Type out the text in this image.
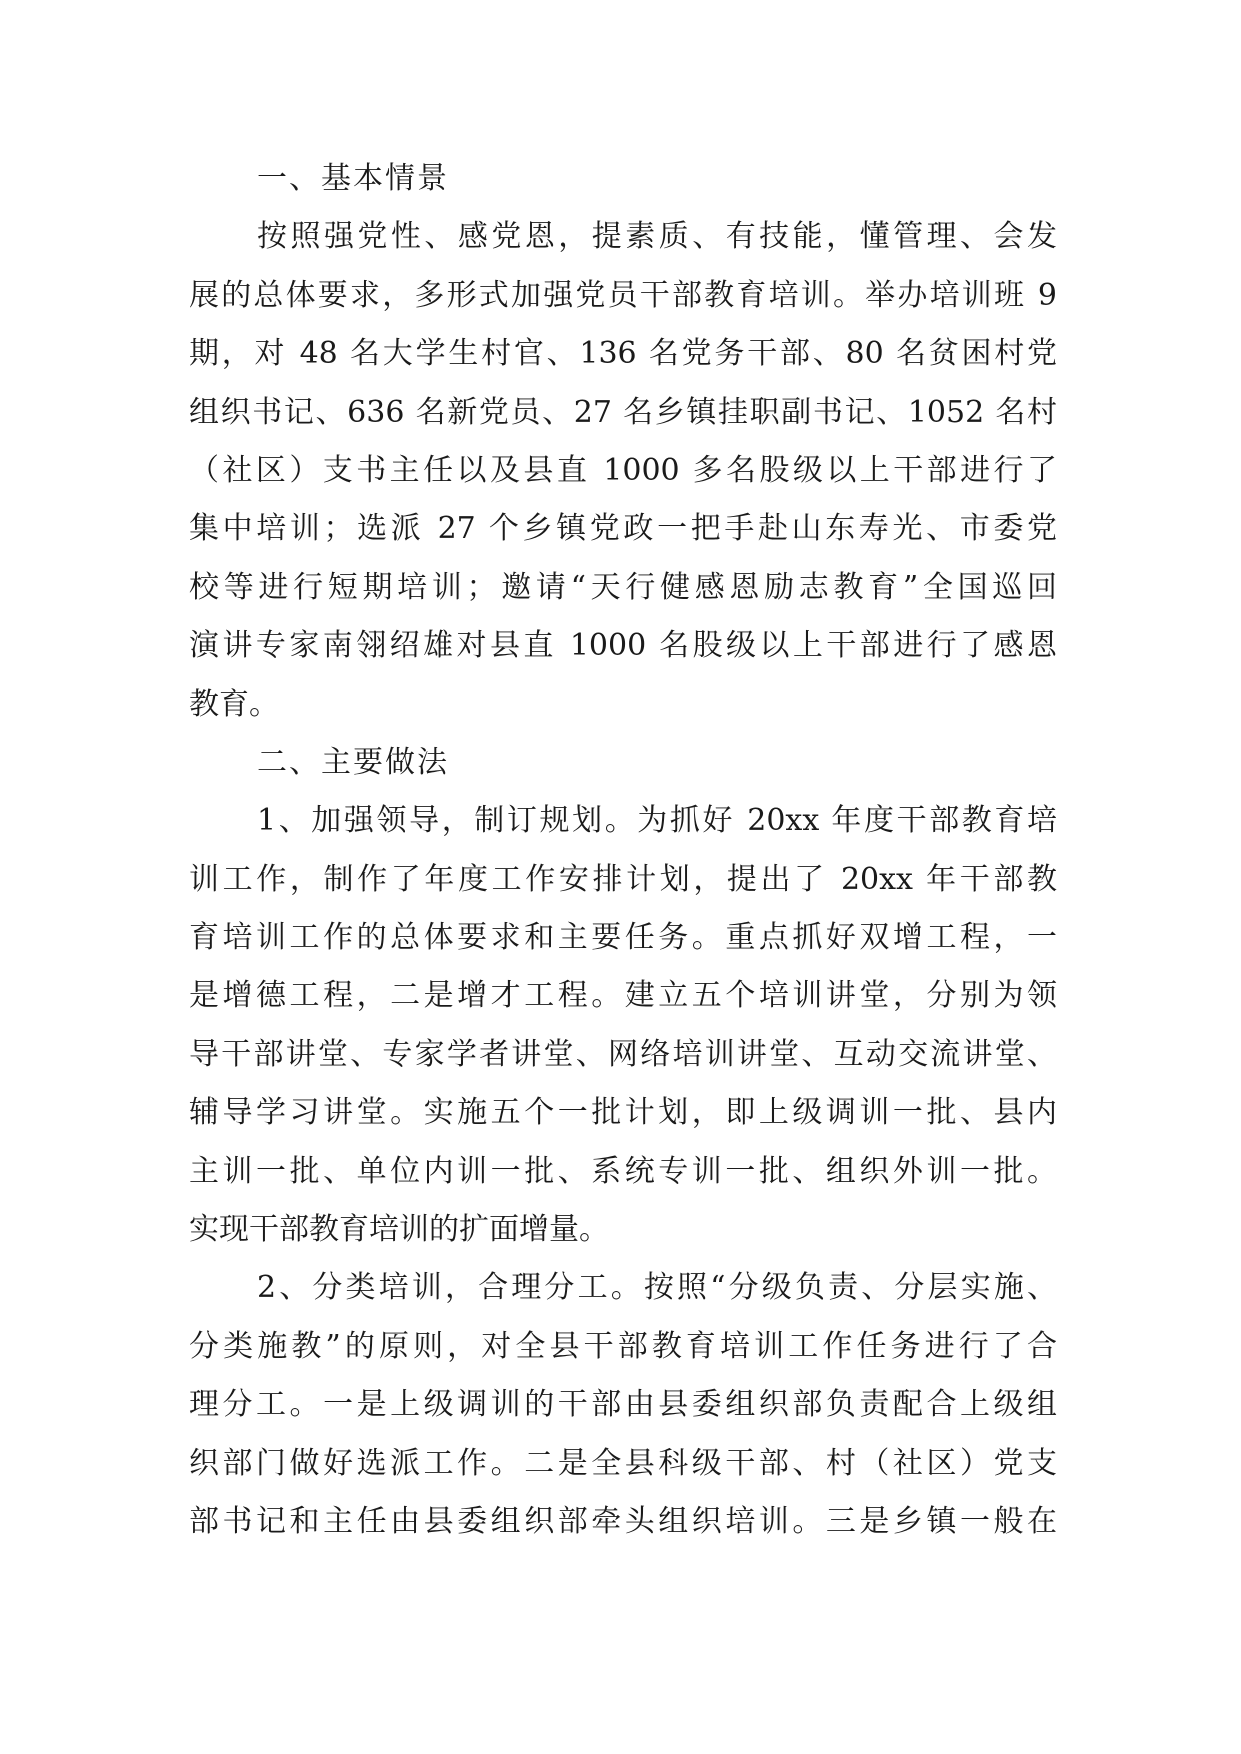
一、基本情景
按照强党性、感党恩，提素质、有技能，懂管理、会发
展的总体要求，多形式加强党员干部教育培训。举办培训班 9
期，对 48 名大学生村官、136 名党务干部、80 名贫困村党
组织书记、636 名新党员、27 名乡镇挂职副书记、1052 名村
（社区）支书主任以及县直 1000 多名股级以上干部进行了
集中培训；选派 27 个乡镇党政一把手赴山东寿光、市委党
校等进行短期培训；邀请“天行健感恩励志教育”全国巡回
演讲专家南翎绍雄对县直 1000 名股级以上干部进行了感恩
教育。
二、主要做法
1、加强领导，制订规划。为抓好 20xx 年度干部教育培
训工作，制作了年度工作安排计划，提出了 20xx 年干部教
育培训工作的总体要求和主要任务。重点抓好双增工程，一
是增德工程，二是增才工程。建立五个培训讲堂，分别为领
导干部讲堂、专家学者讲堂、网络培训讲堂、互动交流讲堂、
辅导学习讲堂。实施五个一批计划，即上级调训一批、县内
主训一批、单位内训一批、系统专训一批、组织外训一批。
实现干部教育培训的扩面增量。
2、分类培训，合理分工。按照“分级负责、分层实施、
分类施教”的原则，对全县干部教育培训工作任务进行了合
理分工。一是上级调训的干部由县委组织部负责配合上级组
织部门做好选派工作。二是全县科级干部、村（社区）党支
部书记和主任由县委组织部牵头组织培训。三是乡镇一般在
